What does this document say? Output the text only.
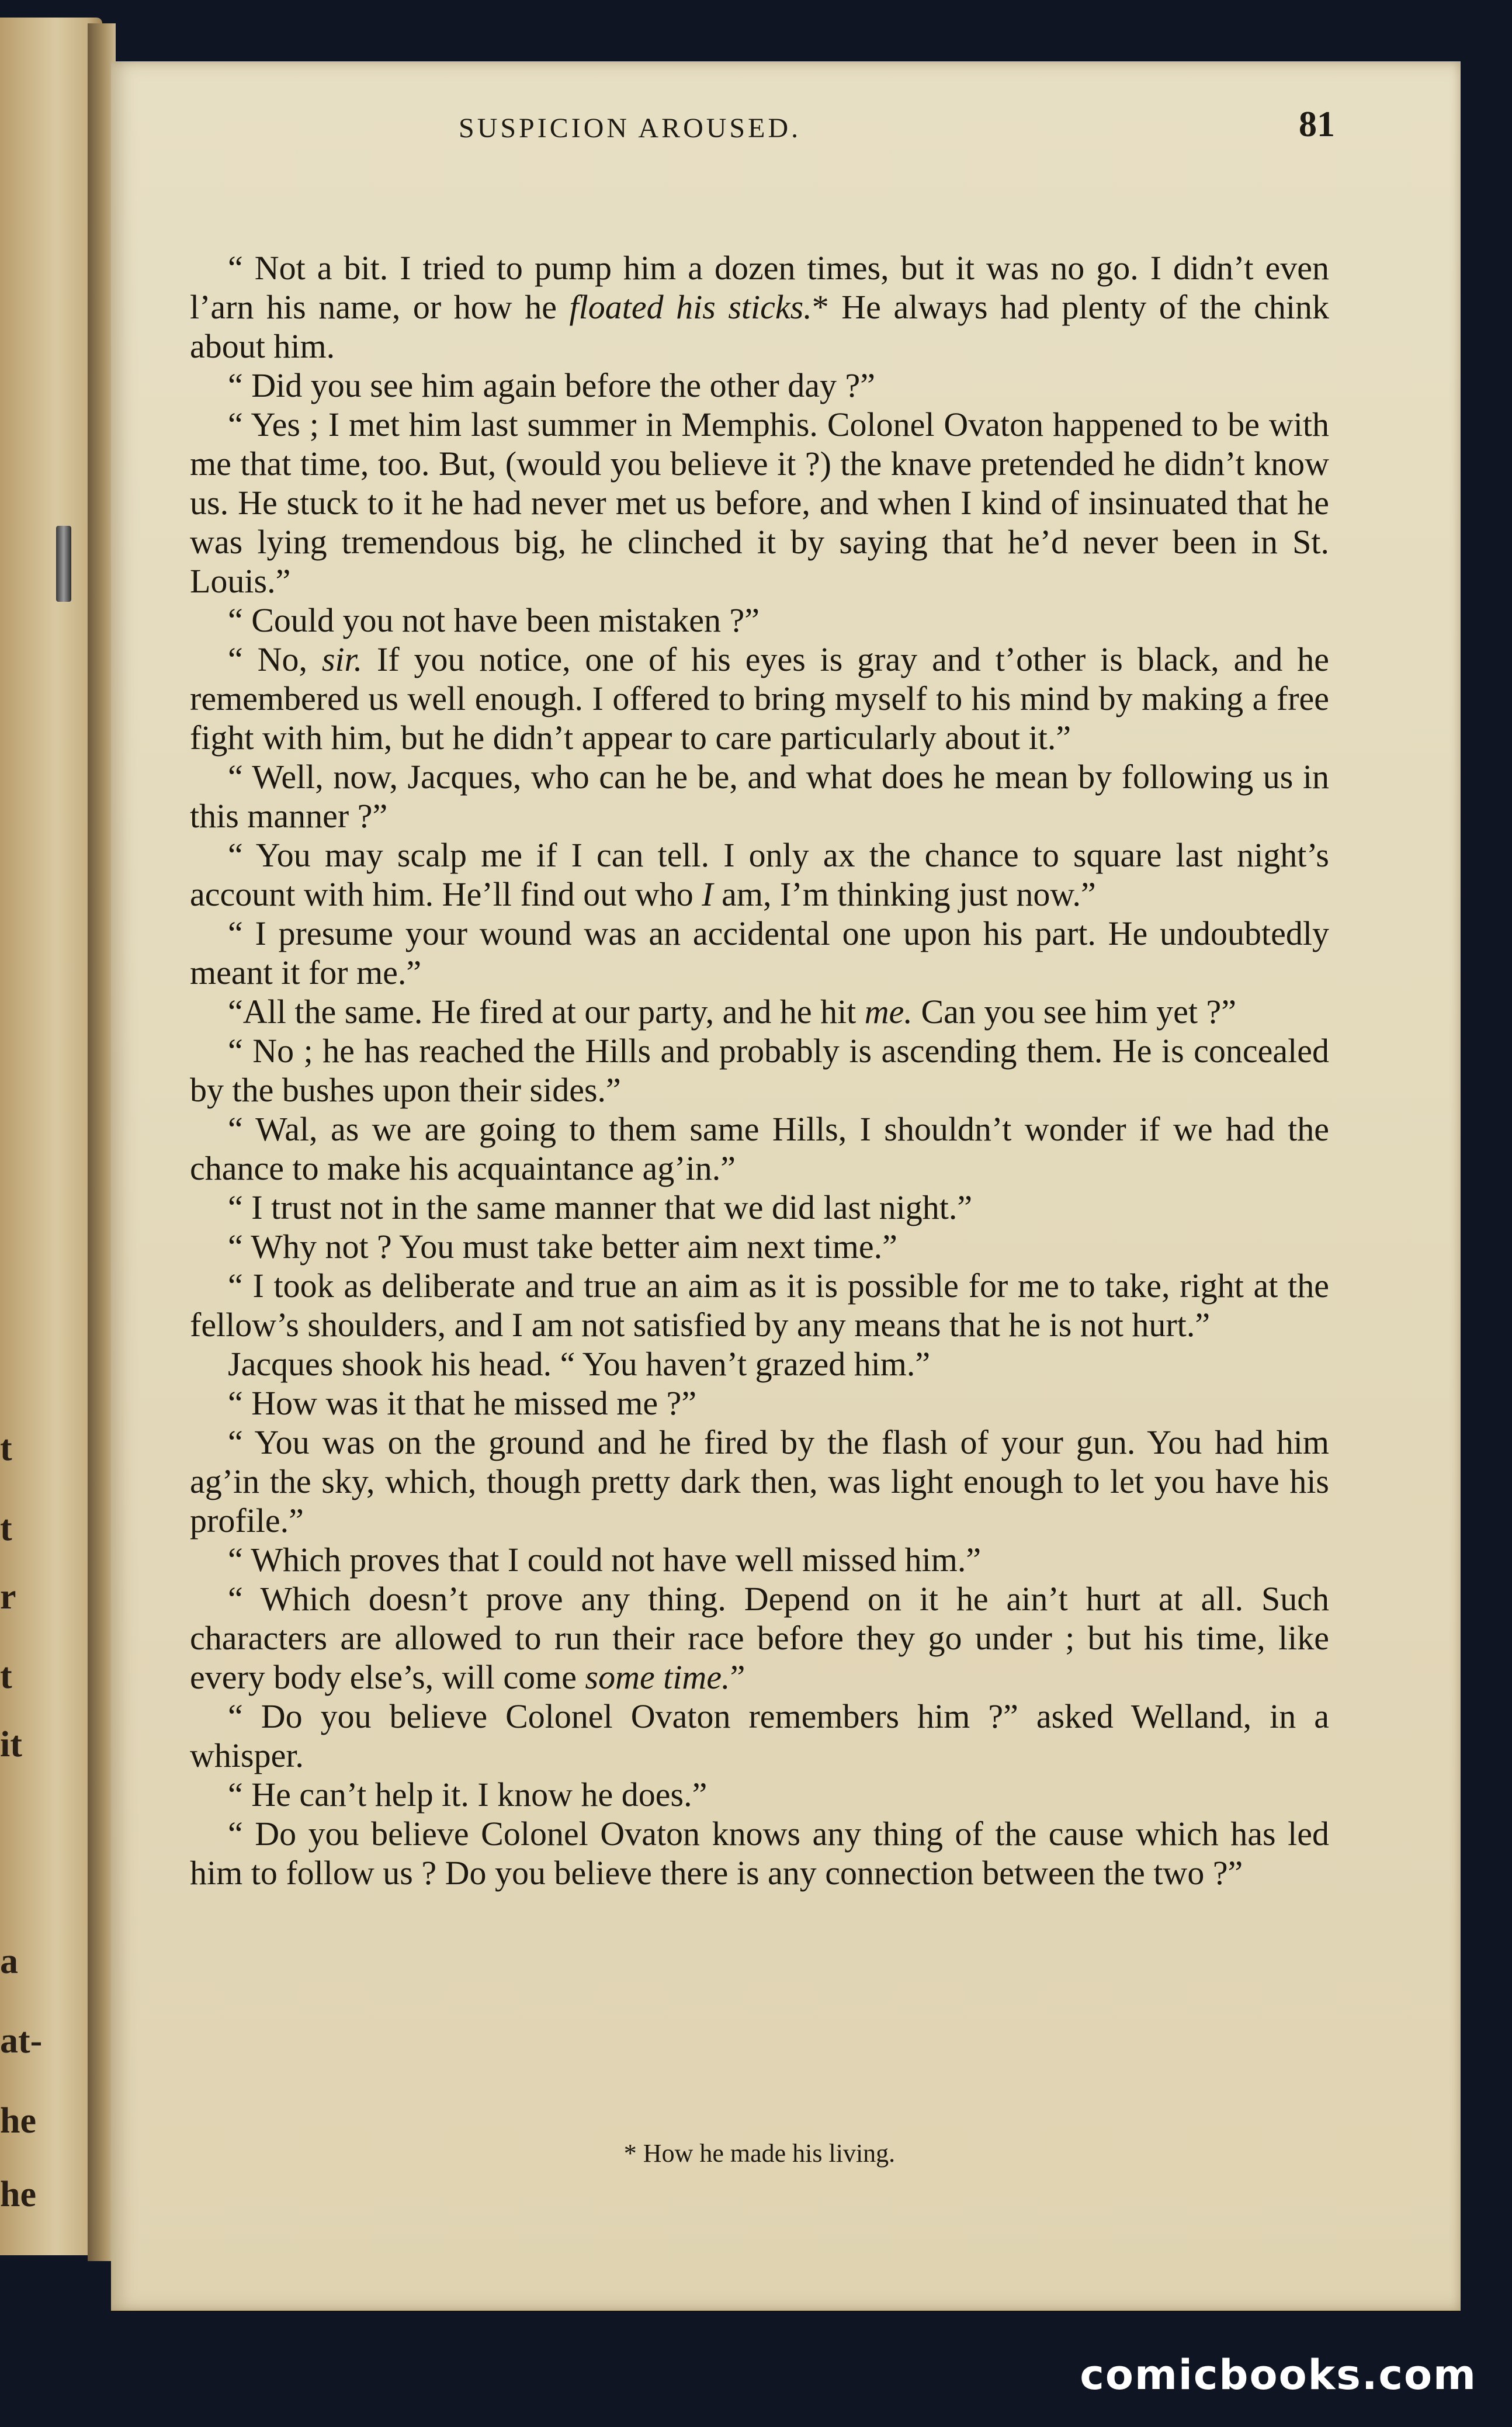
t
t
r
t
it
a
at-
he
he
SUSPICION AROUSED.	81

“ Not a bit. I tried to pump him a dozen times, but it was no go. I didn’t even l’arn his name, or how he floated his sticks.* He always had plenty of the chink about him.

“ Did you see him again before the other day ?”

“ Yes ; I met him last summer in Memphis. Colonel Ovaton happened to be with me that time, too. But, (would you believe it ?) the knave pretended he didn’t know us. He stuck to it he had never met us before, and when I kind of insinuated that he was lying tremendous big, he clinched it by saying that he’d never been in St. Louis.”

“ Could you not have been mistaken ?”

“ No, sir. If you notice, one of his eyes is gray and t’other is black, and he remembered us well enough. I offered to bring myself to his mind by making a free fight with him, but he didn’t appear to care particularly about it.”

“ Well, now, Jacques, who can he be, and what does he mean by following us in this manner ?”

“ You may scalp me if I can tell. I only ax the chance to square last night’s account with him. He’ll find out who I am, I’m thinking just now.”

“ I presume your wound was an accidental one upon his part. He undoubtedly meant it for me.”

“All the same. He fired at our party, and he hit me. Can you see him yet ?”

“ No ; he has reached the Hills and probably is ascending them. He is concealed by the bushes upon their sides.”

“ Wal, as we are going to them same Hills, I shouldn’t wonder if we had the chance to make his acquaintance ag’in.”

“ I trust not in the same manner that we did last night.”

“ Why not ? You must take better aim next time.”

“ I took as deliberate and true an aim as it is possible for me to take, right at the fellow’s shoulders, and I am not satisfied by any means that he is not hurt.”

Jacques shook his head. “ You haven’t grazed him.”

“ How was it that he missed me ?”

“ You was on the ground and he fired by the flash of your gun. You had him ag’in the sky, which, though pretty dark then, was light enough to let you have his profile.”

“ Which proves that I could not have well missed him.”

“ Which doesn’t prove any thing. Depend on it he ain’t hurt at all. Such characters are allowed to run their race before they go under ; but his time, like every body else’s, will come some time.”

“ Do you believe Colonel Ovaton remembers him ?” asked Welland, in a whisper.

“ He can’t help it. I know he does.”

“ Do you believe Colonel Ovaton knows any thing of the cause which has led him to follow us ? Do you believe there is any connection between the two ?”

* How he made his living.
comicbooks.com
